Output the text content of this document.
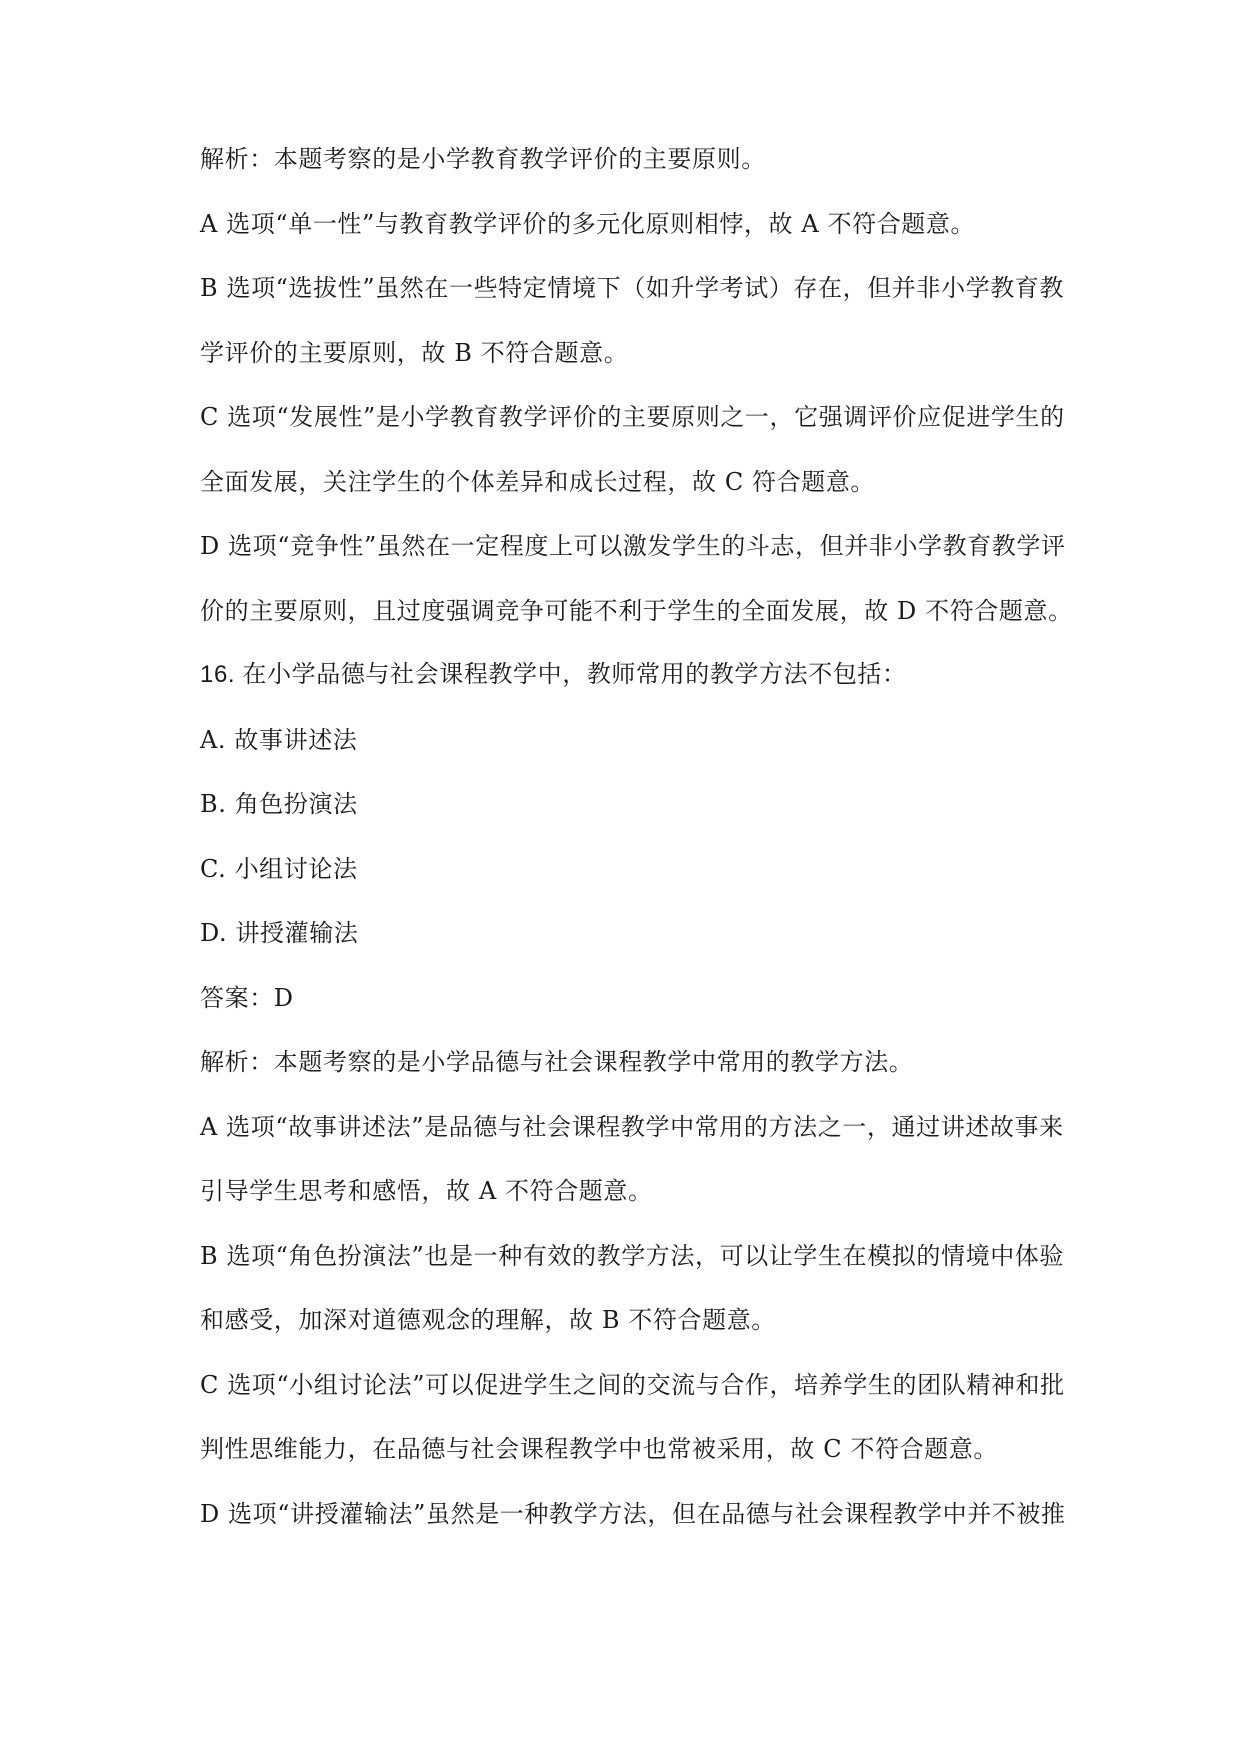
解析：本题考察的是小学教育教学评价的主要原则。
A 选项“单一性”与教育教学评价的多元化原则相悖，故 A 不符合题意。
B 选项“选拔性”虽然在一些特定情境下（如升学考试）存在，但并非小学教育教
学评价的主要原则，故 B 不符合题意。
C 选项“发展性”是小学教育教学评价的主要原则之一，它强调评价应促进学生的
全面发展，关注学生的个体差异和成长过程，故 C 符合题意。
D 选项“竞争性”虽然在一定程度上可以激发学生的斗志，但并非小学教育教学评
价的主要原则，且过度强调竞争可能不利于学生的全面发展，故 D 不符合题意。
16. 在小学品德与社会课程教学中，教师常用的教学方法不包括：
A. 故事讲述法
B. 角色扮演法
C. 小组讨论法
D. 讲授灌输法
答案：D
解析：本题考察的是小学品德与社会课程教学中常用的教学方法。
A 选项“故事讲述法”是品德与社会课程教学中常用的方法之一，通过讲述故事来
引导学生思考和感悟，故 A 不符合题意。
B 选项“角色扮演法”也是一种有效的教学方法，可以让学生在模拟的情境中体验
和感受，加深对道德观念的理解，故 B 不符合题意。
C 选项“小组讨论法”可以促进学生之间的交流与合作，培养学生的团队精神和批
判性思维能力，在品德与社会课程教学中也常被采用，故 C 不符合题意。
D 选项“讲授灌输法”虽然是一种教学方法，但在品德与社会课程教学中并不被推
